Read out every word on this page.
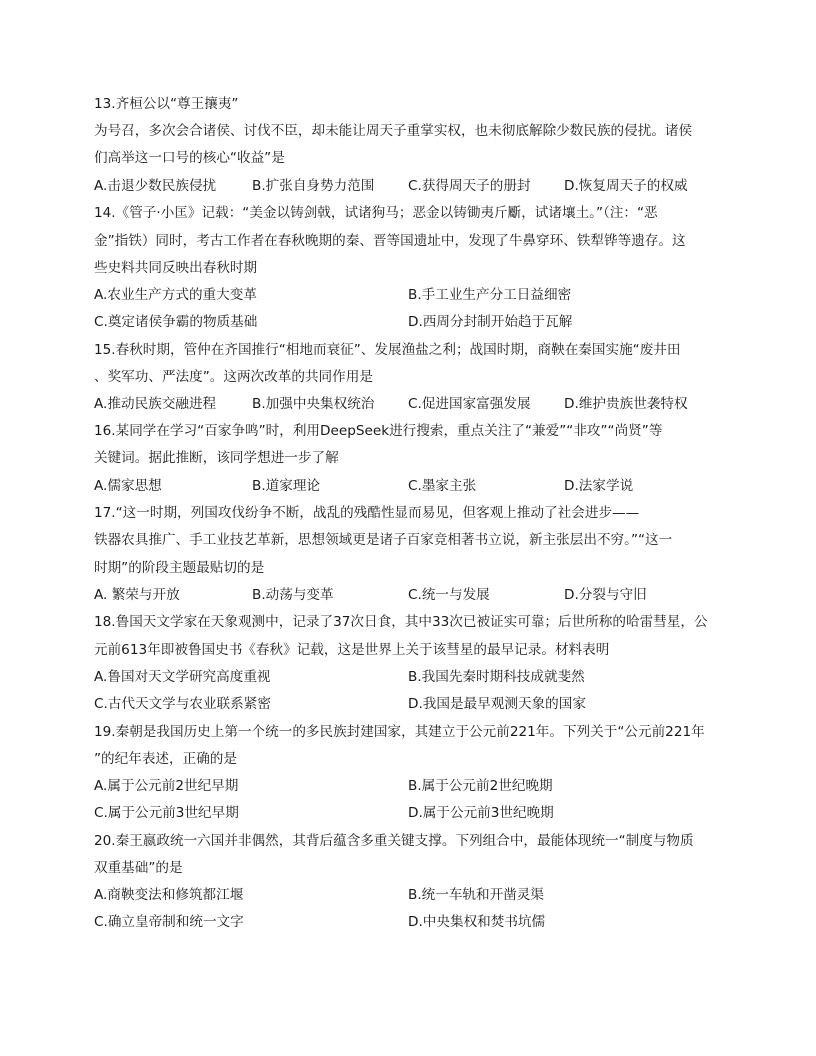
13.齐桓公以“尊王攘夷”
为号召，多次会合诸侯、讨伐不臣，却未能让周天子重掌实权，也未彻底解除少数民族的侵扰。诸侯
们高举这一口号的核心“收益”是
A.击退少数民族侵扰	B.扩张自身势力范围 C.获得周天子的册封 D.恢复周天子的权威
14.《管子·小匡》记载：“美金以铸剑戟，试诸狗马；恶金以铸锄夷斤斸，试诸壤土。”（注：“恶
金”指铁）同时，考古工作者在春秋晚期的秦、晋等国遗址中，发现了牛鼻穿环、铁犁铧等遗存。这
些史料共同反映出春秋时期
A.农业生产方式的重大变革	B.手工业生产分工日益细密
C.奠定诸侯争霸的物质基础	D.西周分封制开始趋于瓦解
15.春秋时期，管仲在齐国推行“相地而衰征”、发展渔盐之利；战国时期，商鞅在秦国实施“废井田
、奖军功、严法度”。这两次改革的共同作用是
A.推动民族交融进程	B.加强中央集权统治 C.促进国家富强发展 D.维护贵族世袭特权
16.某同学在学习“百家争鸣”时，利用DeepSeek进行搜索，重点关注了“兼爱”“非攻”“尚贤”等
关键词。据此推断，该同学想进一步了解
A.儒家思想	B.道家理论	C.墨家主张	D.法家学说
17.“这一时期，列国攻伐纷争不断，战乱的残酷性显而易见，但客观上推动了社会进步——
铁器农具推广、手工业技艺革新，思想领域更是诸子百家竞相著书立说，新主张层出不穷。”“这一
时期”的阶段主题最贴切的是
A. 繁荣与开放	B.动荡与变革	C.统一与发展	D.分裂与守旧
18.鲁国天文学家在天象观测中，记录了37次日食，其中33次已被证实可靠；后世所称的哈雷彗星，公
元前613年即被鲁国史书《春秋》记载，这是世界上关于该彗星的最早记录。材料表明
A.鲁国对天文学研究高度重视	B.我国先秦时期科技成就斐然
C.古代天文学与农业联系紧密	D.我国是最早观测天象的国家
19.秦朝是我国历史上第一个统一的多民族封建国家，其建立于公元前221年。下列关于“公元前221年
”的纪年表述，正确的是
A.属于公元前2世纪早期	B.属于公元前2世纪晚期
C.属于公元前3世纪早期	D.属于公元前3世纪晚期
20.秦王嬴政统一六国并非偶然，其背后蕴含多重关键支撑。下列组合中，最能体现统一“制度与物质
双重基础”的是
A.商鞅变法和修筑都江堰	B.统一车轨和开凿灵渠
C.确立皇帝制和统一文字	D.中央集权和焚书坑儒
